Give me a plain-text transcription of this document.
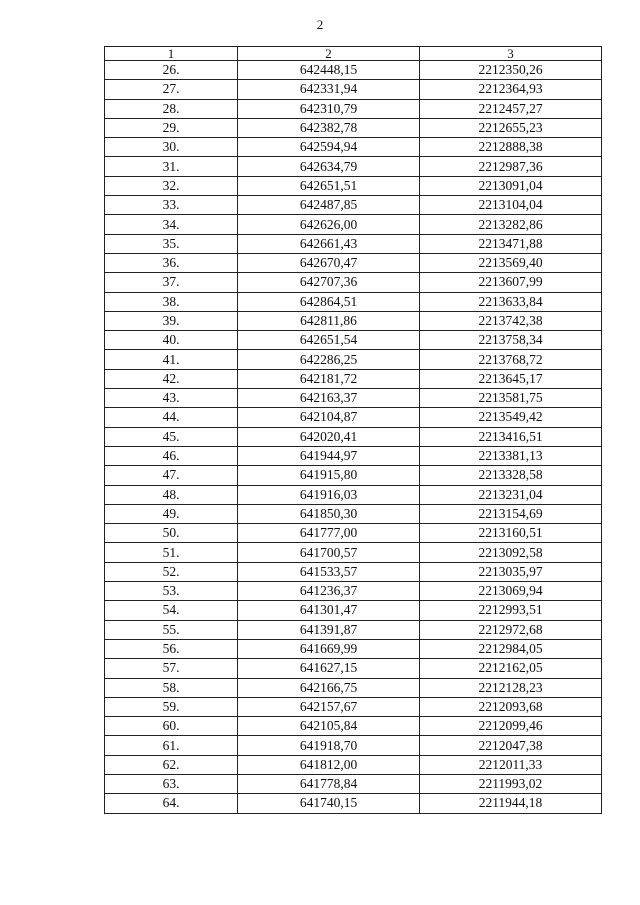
2
1	2	3
26.	642448,15	2212350,26
27.	642331,94	2212364,93
28.	642310,79	2212457,27
29.	642382,78	2212655,23
30.	642594,94	2212888,38
31.	642634,79	2212987,36
32.	642651,51	2213091,04
33.	642487,85	2213104,04
34.	642626,00	2213282,86
35.	642661,43	2213471,88
36.	642670,47	2213569,40
37.	642707,36	2213607,99
38.	642864,51	2213633,84
39.	642811,86	2213742,38
40.	642651,54	2213758,34
41.	642286,25	2213768,72
42.	642181,72	2213645,17
43.	642163,37	2213581,75
44.	642104,87	2213549,42
45.	642020,41	2213416,51
46.	641944,97	2213381,13
47.	641915,80	2213328,58
48.	641916,03	2213231,04
49.	641850,30	2213154,69
50.	641777,00	2213160,51
51.	641700,57	2213092,58
52.	641533,57	2213035,97
53.	641236,37	2213069,94
54.	641301,47	2212993,51
55.	641391,87	2212972,68
56.	641669,99	2212984,05
57.	641627,15	2212162,05
58.	642166,75	2212128,23
59.	642157,67	2212093,68
60.	642105,84	2212099,46
61.	641918,70	2212047,38
62.	641812,00	2212011,33
63.	641778,84	2211993,02
64.	641740,15	2211944,18
